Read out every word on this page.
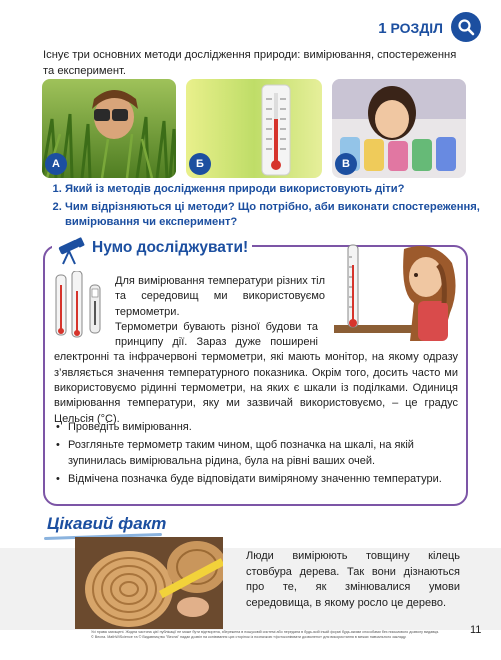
1 РОЗДІЛ
Існує три основних методи дослідження природи: вимірювання, спостереження та експеримент.
А	Б	В
1. Який із методів дослідження природи використовують діти?
2. Чим відрізняються ці методи? Що потрібно, аби виконати спостереження, вимірювання чи експеримент?
Нумо досліджувати!

Для вимірювання температури різних тіл та середовищ ми використовуємо термометри.

Термометри бувають різної будови та принципу дії. Зараз дуже поширені електронні та інфрачервоні термометри, які мають монітор, на якому одразу з’являється значення температурного показника. Окрім того, досить часто ми використовуємо рідинні термометри, на яких є шкали із поділками. Одиниця вимірювання температури, яку ми зазвичай використовуємо, – це градус Цельсія (°С).

• Проведіть вимірювання.
• Розгляньте термометр таким чином, щоб позначка на шкалі, на якій зупинилась вимірювальна рідина, була на рівні ваших очей.
• Відмічена позначка буде відповідати виміряному значенню температури.
Цікавий факт
Люди вимірюють товщину кілець стовбура дерева. Так вони дізнаються про те, як змінювалися умови середовища, в якому росло це дерево.
Усі права захищені. Жодна частина цієї публікації не може бути відтворена, збережена в пошуковій системі або передана в будь-якій іншій формі будь-якими способами без письмового дозволу видавця. © Весна. MathWiScience та © Видавництво "Весна" надає дозвіл на копіювання цих сторінок із позначкою «фотокопіювати дозволено» для використання в межах навчального закладу.
11
